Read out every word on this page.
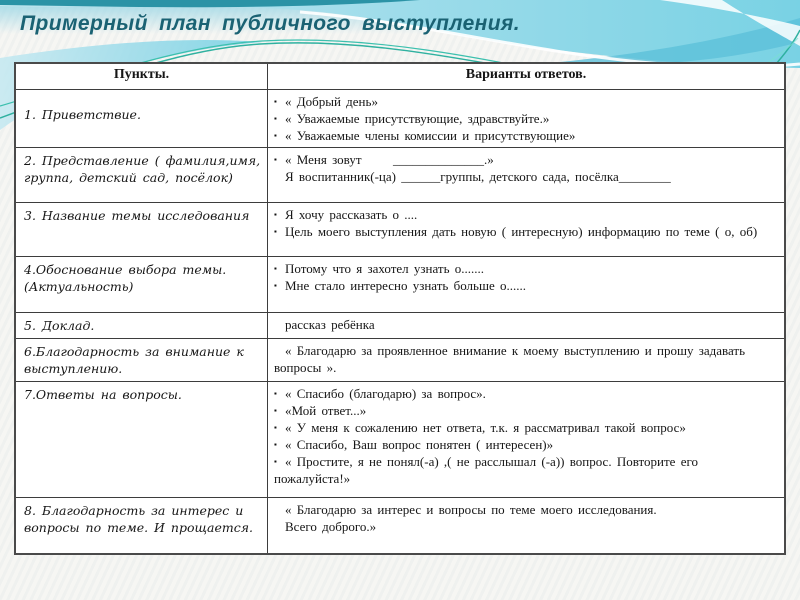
Примерный план публичного выступления.
Пункты.	Варианты ответов.
1. Приветствие.	▪ « Добрый день»
▪ « Уважаемые присутствующие, здравствуйте.»
▪ « Уважаемые члены комиссии и присутствующие»

2. Представление ( фамилия,имя, группа, детский сад, посёлок)	▪ « Меня зовут      ______________.»
Я воспитанник(-ца) ______группы, детского сада, посёлка________

3. Название темы исследования	▪ Я хочу рассказать о ....
▪ Цель моего выступления дать новую ( интересную) информацию по теме ( о, об)

4.Обоснование выбора темы. (Актуальность)	▪ Потому что я захотел узнать о.......
▪ Мне стало интересно узнать больше о......

5. Доклад.	рассказ ребёнка

6.Благодарность за внимание к выступлению.	« Благодарю за проявленное внимание к моему выступлению и прошу задавать вопросы ».

7.Ответы на вопросы.	▪ « Спасибо (благодарю) за вопрос».
▪ «Мой ответ...»
▪ « У меня к сожалению нет ответа, т.к. я рассматривал такой вопрос»
▪ « Спасибо, Ваш вопрос понятен ( интересен)»
▪ « Простите, я не понял(-а) ,( не расслышал (-а)) вопрос. Повторите его пожалуйста!»

8. Благодарность за интерес и вопросы по теме. И прощается.	« Благодарю за интерес и вопросы по теме моего исследования.
Всего доброго.»
